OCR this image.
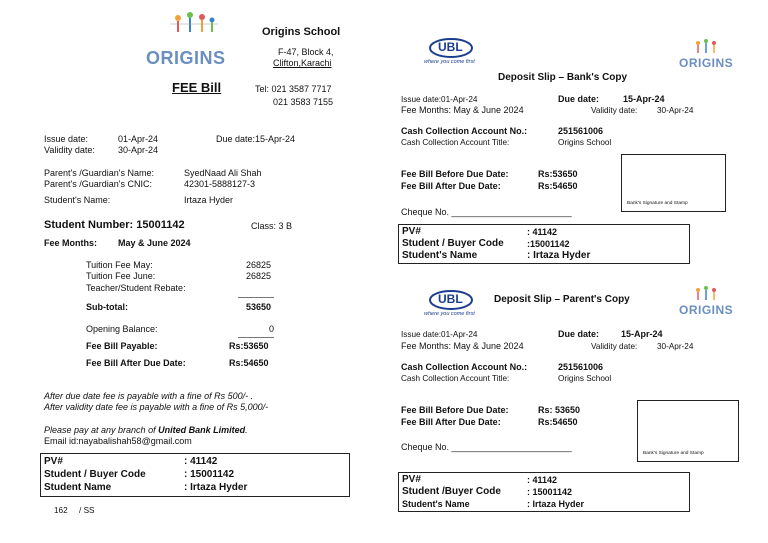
ORIGINS
Origins School
F-47, Block 4,
Clifton,Karachi
FEE Bill	Tel: 021 3587 7717
021 3583 7155
Issue date:	01-Apr-24	Due date:15-Apr-24
Validity date:	30-Apr-24
Parent's /Guardian's Name:	SyedNaad Ali Shah
Parent's /Guardian's CNIC:	42301-5888127-3
Student's Name:	Irtaza Hyder
Student Number: 15001142	Class: 3 B
Fee Months: May & June 2024
Tuition Fee May:	26825
Tuition Fee June:	26825
Teacher/Student Rebate:
Sub-total:	53650
Opening Balance:	0
Fee Bill Payable:	Rs:53650
Fee Bill After Due Date:	Rs:54650
After due date fee is payable with a fine of Rs 500/- .
After validity date fee is payable with a fine of Rs 5,000/-
Please pay at any branch of United Bank Limited.
Email id:nayabalishah58@gmail.com
PV#	: 41142
Student / Buyer Code	: 15001142
Student Name	: Irtaza Hyder
162     / SS
UBL
where you come first	ORIGINS
Deposit Slip – Bank's Copy
Issue date:01-Apr-24	Due date:	15-Apr-24
Fee Months: May & June 2024	Validity date: 30-Apr-24
Cash Collection Account No.:	251561006
Cash Collection Account Title:	Origins School
Fee Bill Before Due Date:	Rs:53650
Fee Bill After Due Date:	Rs:54650
Bank's Signature and Stamp
Cheque No. ________________________
PV#	: 41142
Student / Buyer Code	:15001142
Student's Name	: Irtaza Hyder
UBL
where you come first	ORIGINS
Deposit Slip – Parent's Copy
Issue date:01-Apr-24	Due date: 15-Apr-24
Fee Months: May & June 2024	Validity date: 30-Apr-24
Cash Collection Account No.:	251561006
Cash Collection Account Title:	Origins School
Fee Bill Before Due Date:	Rs: 53650
Fee Bill After Due Date:	Rs:54650
Bank's Signature and Stamp
Cheque No. ________________________
PV#	: 41142
Student /Buyer Code	: 15001142
Student's Name	: Irtaza Hyder
